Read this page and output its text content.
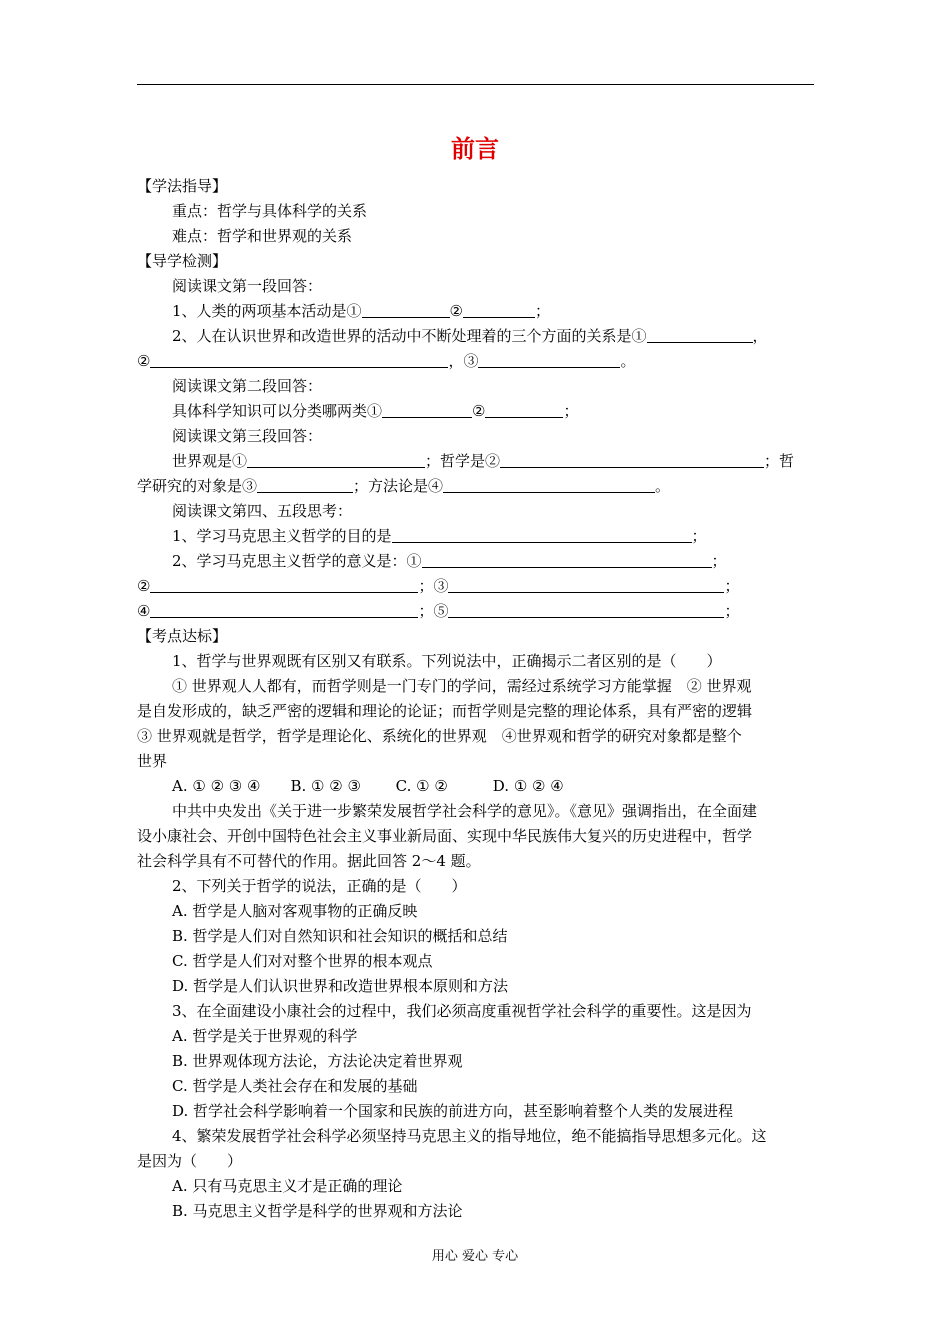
前言
【学法指导】
重点：哲学与具体科学的关系
难点：哲学和世界观的关系
【导学检测】
阅读课文第一段回答：
1、人类的两项基本活动是①	②	；
2、人在认识世界和改造世界的活动中不断处理着的三个方面的关系是①	，
②	，③	。
阅读课文第二段回答：
具体科学知识可以分类哪两类①	②	；
阅读课文第三段回答：
世界观是①	；哲学是②	；哲
学研究的对象是③	；方法论是④	。
阅读课文第四、五段思考：
1、学习马克思主义哲学的目的是	；
2、学习马克思主义哲学的意义是：①	；
②	；③	；
④	；⑤	；
【考点达标】
1、哲学与世界观既有区别又有联系。下列说法中，正确揭示二者区别的是（　　）
① 世界观人人都有，而哲学则是一门专门的学问，需经过系统学习方能掌握　② 世界观
是自发形成的，缺乏严密的逻辑和理论的论证；而哲学则是完整的理论体系，具有严密的逻辑
③ 世界观就是哲学，哲学是理论化、系统化的世界观　④世界观和哲学的研究对象都是整个
世界
A. ① ② ③ ④　　B. ① ② ③　　 C. ① ②　　　D. ① ② ④
中共中央发出《关于进一步繁荣发展哲学社会科学的意见》。《意见》强调指出，在全面建
设小康社会、开创中国特色社会主义事业新局面、实现中华民族伟大复兴的历史进程中，哲学
社会科学具有不可替代的作用。据此回答 2～4 题。
2、下列关于哲学的说法，正确的是（　　）
A. 哲学是人脑对客观事物的正确反映
B. 哲学是人们对自然知识和社会知识的概括和总结
C. 哲学是人们对对整个世界的根本观点
D. 哲学是人们认识世界和改造世界根本原则和方法
3、在全面建设小康社会的过程中，我们必须高度重视哲学社会科学的重要性。这是因为
A. 哲学是关于世界观的科学
B. 世界观体现方法论，方法论决定着世界观
C. 哲学是人类社会存在和发展的基础
D. 哲学社会科学影响着一个国家和民族的前进方向，甚至影响着整个人类的发展进程
4、繁荣发展哲学社会科学必须坚持马克思主义的指导地位，绝不能搞指导思想多元化。这
是因为（　　）
A. 只有马克思主义才是正确的理论
B. 马克思主义哲学是科学的世界观和方法论
用心 爱心 专心
